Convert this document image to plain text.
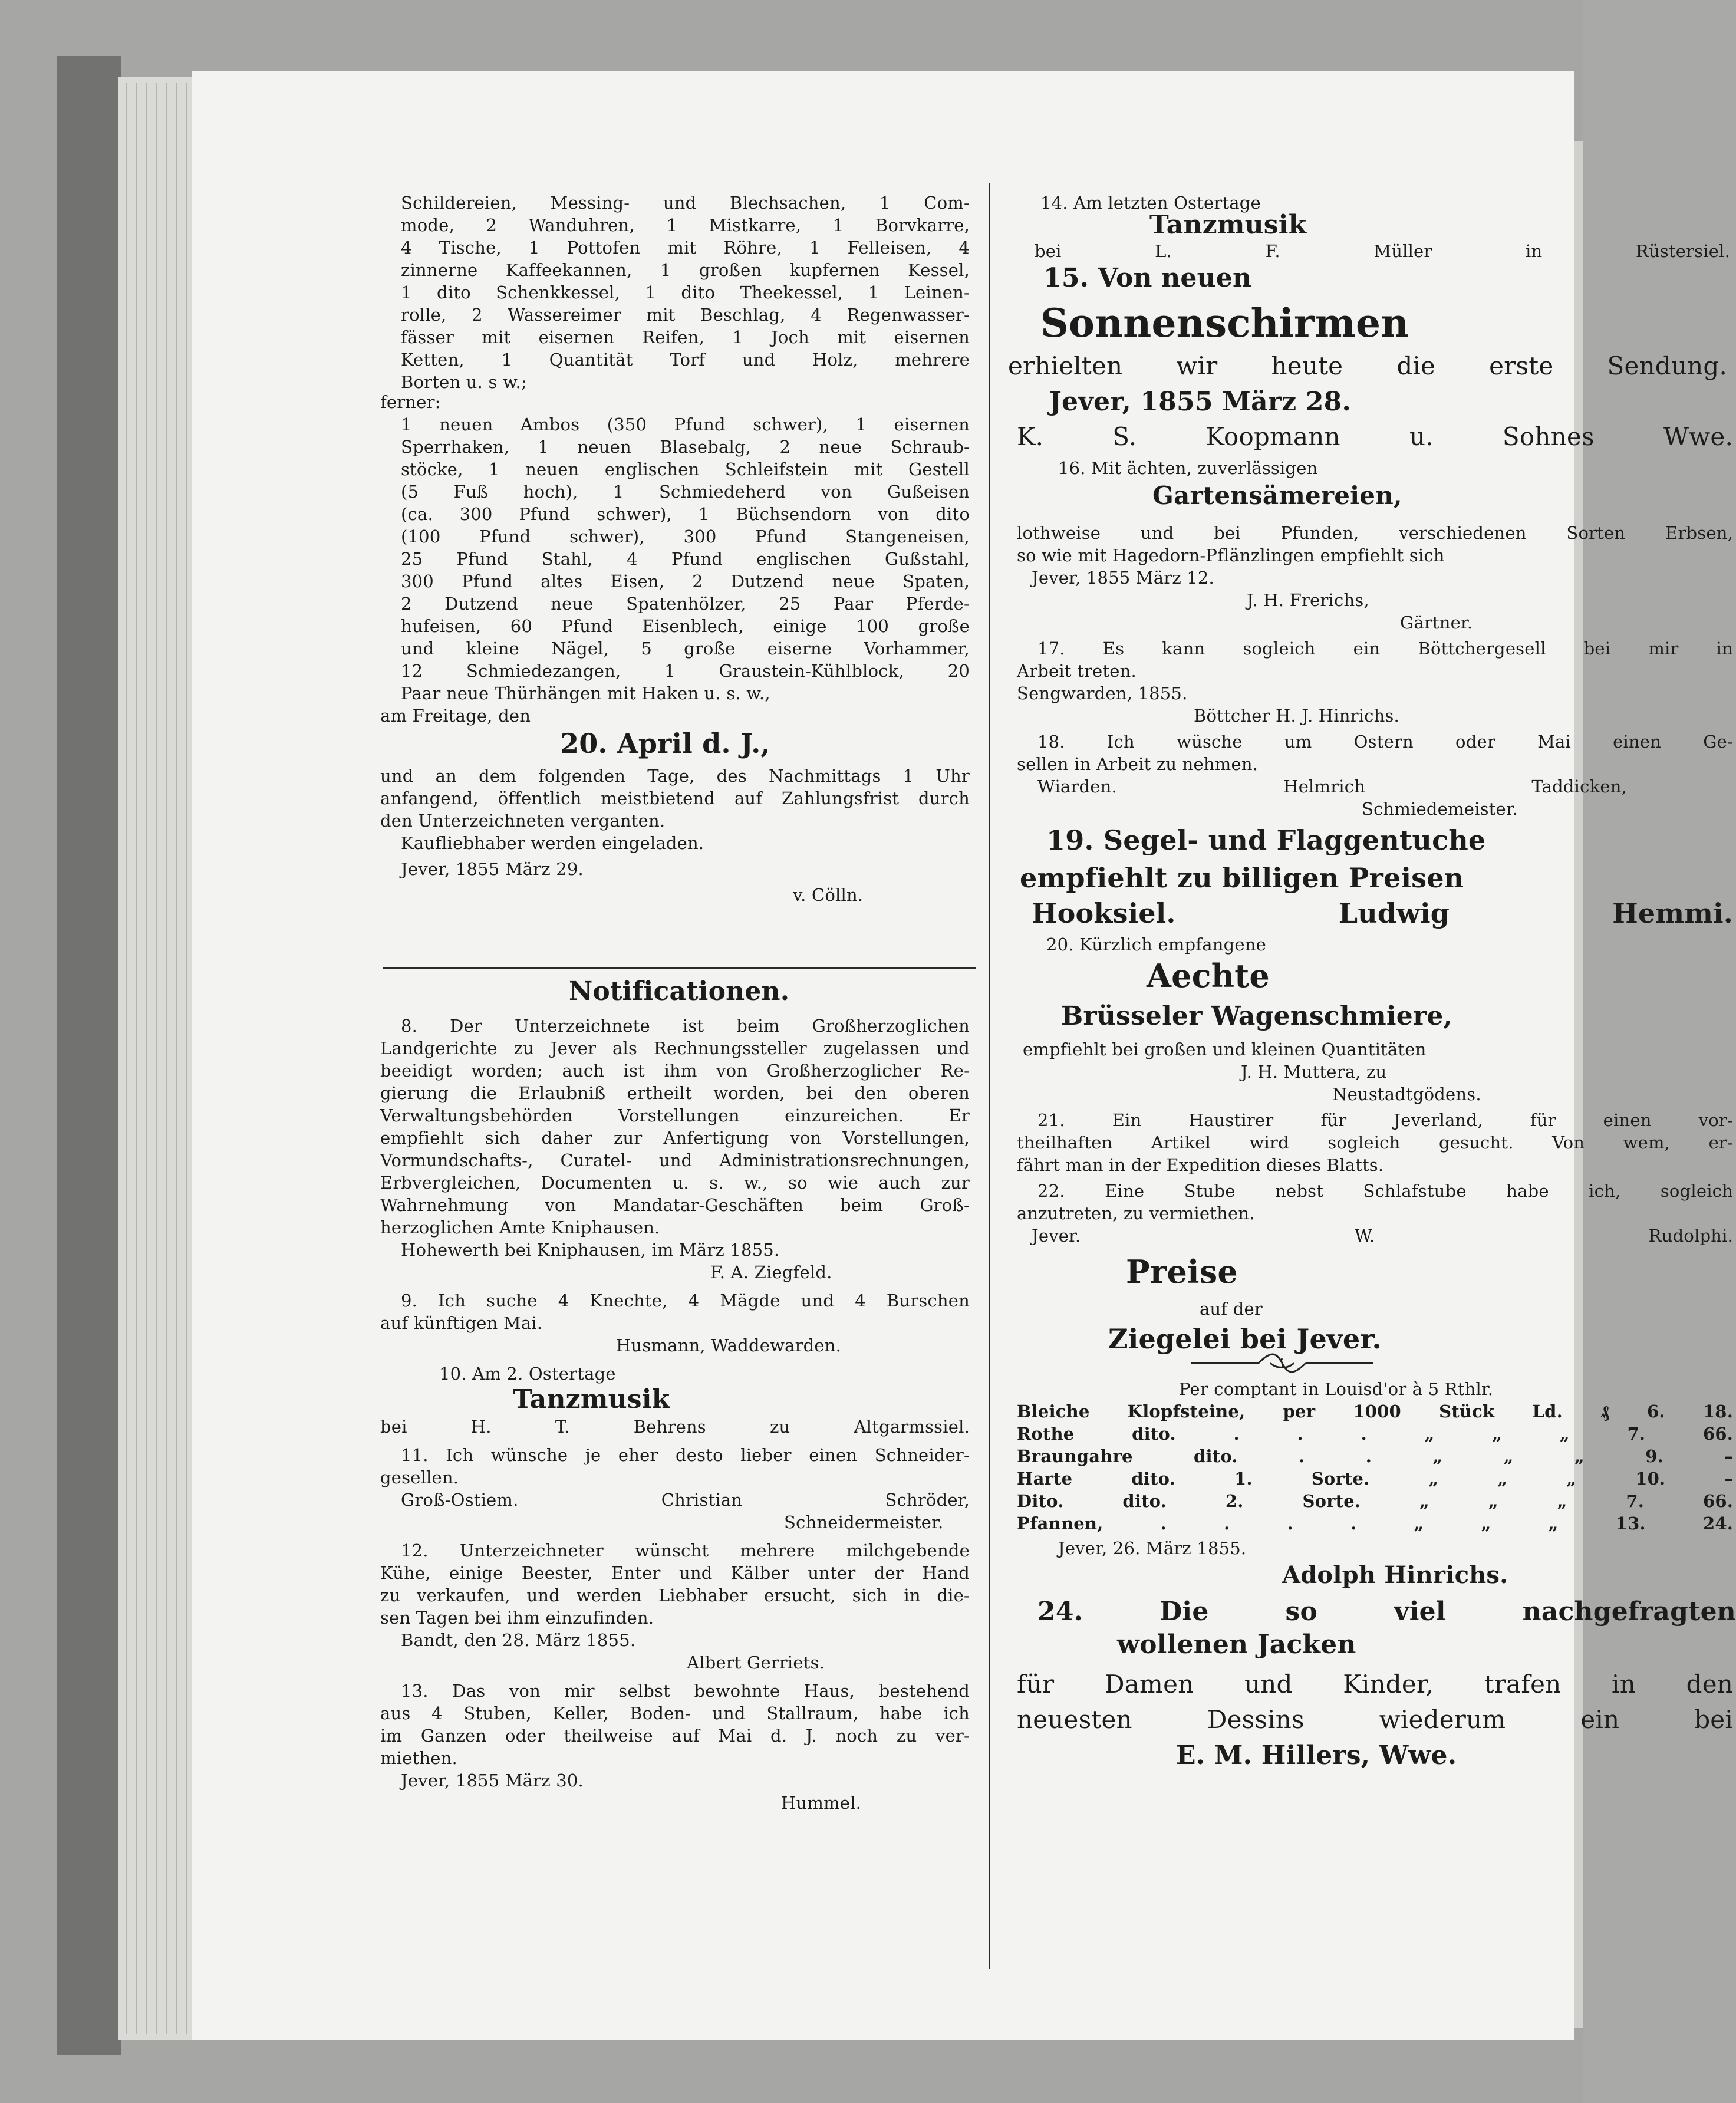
Schildereien, Messing- und Blechsachen, 1 Com-
mode, 2 Wanduhren, 1 Mistkarre, 1 Borvkarre,
4 Tische, 1 Pottofen mit Röhre, 1 Felleisen, 4
zinnerne Kaffeekannen, 1 großen kupfernen Kessel,
1 dito Schenkkessel, 1 dito Theekessel, 1 Leinen-
rolle, 2 Wassereimer mit Beschlag, 4 Regenwasser-
fässer mit eisernen Reifen, 1 Joch mit eisernen
Ketten, 1 Quantität Torf und Holz, mehrere
Borten u. s w.;
ferner:
1 neuen Ambos (350 Pfund schwer), 1 eisernen
Sperrhaken, 1 neuen Blasebalg, 2 neue Schraub-
stöcke, 1 neuen englischen Schleifstein mit Gestell
(5 Fuß hoch), 1 Schmiedeherd von Gußeisen
(ca. 300 Pfund schwer), 1 Büchsendorn von dito
(100 Pfund schwer), 300 Pfund Stangeneisen,
25 Pfund Stahl, 4 Pfund englischen Gußstahl,
300 Pfund altes Eisen, 2 Dutzend neue Spaten,
2 Dutzend neue Spatenhölzer, 25 Paar Pferde-
hufeisen, 60 Pfund Eisenblech, einige 100 große
und kleine Nägel, 5 große eiserne Vorhammer,
12 Schmiedezangen, 1 Graustein-Kühlblock, 20
Paar neue Thürhängen mit Haken u. s. w.,
am Freitage, den
20. April d. J.,
und an dem folgenden Tage, des Nachmittags 1 Uhr
anfangend, öffentlich meistbietend auf Zahlungsfrist durch
den Unterzeichneten verganten.
Kaufliebhaber werden eingeladen.
Jever, 1855 März 29.
v. Cölln.
Notificationen.
8. Der Unterzeichnete ist beim Großherzoglichen
Landgerichte zu Jever als Rechnungssteller zugelassen und
beeidigt worden; auch ist ihm von Großherzoglicher Re-
gierung die Erlaubniß ertheilt worden, bei den oberen
Verwaltungsbehörden Vorstellungen einzureichen. Er
empfiehlt sich daher zur Anfertigung von Vorstellungen,
Vormundschafts-, Curatel- und Administrationsrechnungen,
Erbvergleichen, Documenten u. s. w., so wie auch zur
Wahrnehmung von Mandatar-Geschäften beim Groß-
herzoglichen Amte Kniphausen.
Hohewerth bei Kniphausen, im März 1855.
F. A. Ziegfeld.
9. Ich suche 4 Knechte, 4 Mägde und 4 Burschen
auf künftigen Mai.
Husmann, Waddewarden.
10. Am 2. Ostertage
Tanzmusik
bei H. T. Behrens zu Altgarmssiel.
11. Ich wünsche je eher desto lieber einen Schneider-
gesellen.
Groß-Ostiem. Christian Schröder,
Schneidermeister.
12. Unterzeichneter wünscht mehrere milchgebende
Kühe, einige Beester, Enter und Kälber unter der Hand
zu verkaufen, und werden Liebhaber ersucht, sich in die-
sen Tagen bei ihm einzufinden.
Bandt, den 28. März 1855.
Albert Gerriets.
13. Das von mir selbst bewohnte Haus, bestehend
aus 4 Stuben, Keller, Boden- und Stallraum, habe ich
im Ganzen oder theilweise auf Mai d. J. noch zu ver-
miethen.
Jever, 1855 März 30.
Hummel.
14. Am letzten Ostertage
Tanzmusik
bei L. F. Müller in Rüstersiel.
15. Von neuen
Sonnenschirmen
erhielten wir heute die erste Sendung.
Jever, 1855 März 28.
K. S. Koopmann u. Sohnes Wwe.
16. Mit ächten, zuverlässigen
Gartensämereien,
lothweise und bei Pfunden, verschiedenen Sorten Erbsen,
so wie mit Hagedorn-Pflänzlingen empfiehlt sich
Jever, 1855 März 12.
J. H. Frerichs,
Gärtner.
17. Es kann sogleich ein Böttchergesell bei mir in
Arbeit treten.
Sengwarden, 1855.
Böttcher H. J. Hinrichs.
18. Ich wüsche um Ostern oder Mai einen Ge-
sellen in Arbeit zu nehmen.
Wiarden. Helmrich Taddicken,
Schmiedemeister.
19. Segel- und Flaggentuche
empfiehlt zu billigen Preisen
Hooksiel. Ludwig Hemmi.
20. Kürzlich empfangene
Aechte
Brüsseler Wagenschmiere,
empfiehlt bei großen und kleinen Quantitäten
J. H. Muttera, zu
Neustadtgödens.
21. Ein Haustirer für Jeverland, für einen vor-
theilhaften Artikel wird sogleich gesucht. Von wem, er-
fährt man in der Expedition dieses Blatts.
22. Eine Stube nebst Schlafstube habe ich, sogleich
anzutreten, zu vermiethen.
Jever. W. Rudolphi.
Preise
auf der
Ziegelei bei Jever.
Per comptant in Louisd'or à 5 Rthlr.
Bleiche Klopfsteine, per 1000 Stück Ld. ₰ 6. 18.
Rothe dito. . . . „ „ „ 7. 66.
Braungahre dito. . . „ „ „ 9. –
Harte dito. 1. Sorte. „ „ „ 10. –
Dito. dito. 2. Sorte. „ „ „ 7. 66.
Pfannen, . . . . „ „ „ 13. 24.
Jever, 26. März 1855.
Adolph Hinrichs.
24. Die so viel nachgefragten
wollenen Jacken
für Damen und Kinder, trafen in den
neuesten Dessins wiederum ein bei
E. M. Hillers, Wwe.
